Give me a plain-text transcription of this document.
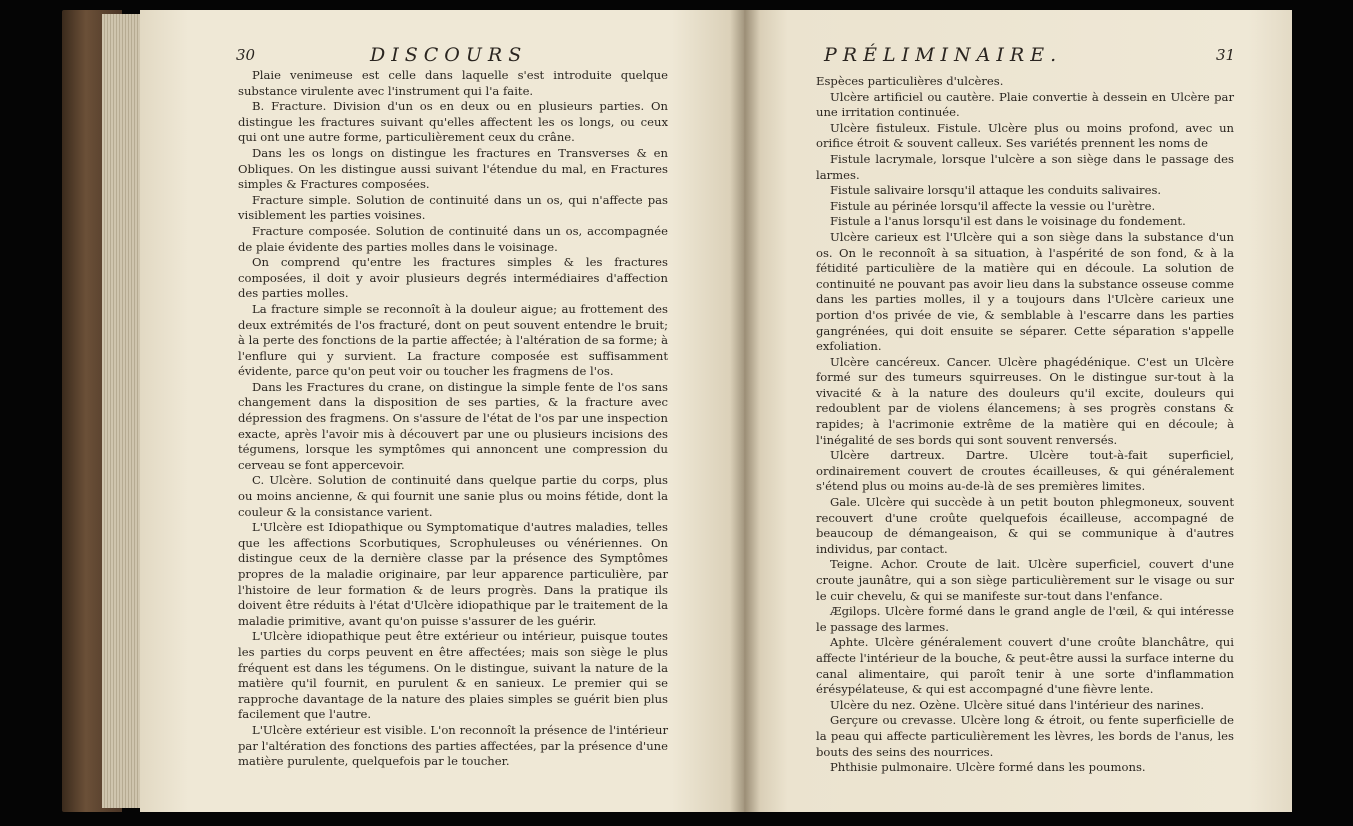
30	DISCOURS

Plaie venimeuse est celle dans laquelle s'est introduite quelque substance virulente avec l'instrument qui l'a faite.

B. Fracture. Division d'un os en deux ou en plusieurs parties. On distingue les fractures suivant qu'elles affectent les os longs, ou ceux qui ont une autre forme, particulièrement ceux du crâne.

Dans les os longs on distingue les fractures en Transverses & en Obliques. On les distingue aussi suivant l'étendue du mal, en Fractures simples & Fractures composées.

Fracture simple. Solution de continuité dans un os, qui n'affecte pas visiblement les parties voisines.

Fracture composée. Solution de continuité dans un os, accompagnée de plaie évidente des parties molles dans le voisinage.

On comprend qu'entre les fractures simples & les fractures composées, il doit y avoir plusieurs degrés intermédiaires d'affection des parties molles.

La fracture simple se reconnoît à la douleur aigue; au frottement des deux extrémités de l'os fracturé, dont on peut souvent entendre le bruit; à la perte des fonctions de la partie affectée; à l'altération de sa forme; à l'enflure qui y survient. La fracture composée est suffisamment évidente, parce qu'on peut voir ou toucher les fragmens de l'os.

Dans les Fractures du crane, on distingue la simple fente de l'os sans changement dans la disposition de ses parties, & la fracture avec dépression des fragmens. On s'assure de l'état de l'os par une inspection exacte, après l'avoir mis à découvert par une ou plusieurs incisions des tégumens, lorsque les symptômes qui annoncent une compression du cerveau se font appercevoir.

C. Ulcère. Solution de continuité dans quelque partie du corps, plus ou moins ancienne, & qui fournit une sanie plus ou moins fétide, dont la couleur & la consistance varient.

L'Ulcère est Idiopathique ou Symptomatique d'autres maladies, telles que les affections Scorbutiques, Scrophuleuses ou vénériennes. On distingue ceux de la dernière classe par la présence des Symptômes propres de la maladie originaire, par leur apparence particulière, par l'histoire de leur formation & de leurs progrès. Dans la pratique ils doivent être réduits à l'état d'Ulcère idiopathique par le traitement de la maladie primitive, avant qu'on puisse s'assurer de les guérir.

L'Ulcère idiopathique peut être extérieur ou intérieur, puisque toutes les parties du corps peuvent en être affectées; mais son siège le plus fréquent est dans les tégumens. On le distingue, suivant la nature de la matière qu'il fournit, en purulent & en sanieux. Le premier qui se rapproche davantage de la nature des plaies simples se guérit bien plus facilement que l'autre.

L'Ulcère extérieur est visible. L'on reconnoît la présence de l'intérieur par l'altération des fonctions des parties affectées, par la présence d'une matière purulente, quelquefois par le toucher.

PRÉLIMINAIRE.	31

Espèces particulières d'ulcères.

Ulcère artificiel ou cautère. Plaie convertie à dessein en Ulcère par une irritation continuée.

Ulcère fistuleux. Fistule. Ulcère plus ou moins profond, avec un orifice étroit & souvent calleux. Ses variétés prennent les noms de

Fistule lacrymale, lorsque l'ulcère a son siège dans le passage des larmes.

Fistule salivaire lorsqu'il attaque les conduits salivaires.

Fistule au périnée lorsqu'il affecte la vessie ou l'urètre.

Fistule a l'anus lorsqu'il est dans le voisinage du fondement.

Ulcère carieux est l'Ulcère qui a son siège dans la substance d'un os. On le reconnoît à sa situation, à l'aspérité de son fond, & à la fétidité particulière de la matière qui en découle. La solution de continuité ne pouvant pas avoir lieu dans la substance osseuse comme dans les parties molles, il y a toujours dans l'Ulcère carieux une portion d'os privée de vie, & semblable à l'escarre dans les parties gangrénées, qui doit ensuite se séparer. Cette séparation s'appelle exfoliation.

Ulcère cancéreux. Cancer. Ulcère phagédénique. C'est un Ulcère formé sur des tumeurs squirreuses. On le distingue sur-tout à la vivacité & à la nature des douleurs qu'il excite, douleurs qui redoublent par de violens élancemens; à ses progrès constans & rapides; à l'acrimonie extrême de la matière qui en découle; à l'inégalité de ses bords qui sont souvent renversés.

Ulcère dartreux. Dartre. Ulcère tout-à-fait superficiel, ordinairement couvert de croutes écailleuses, & qui généralement s'étend plus ou moins au-de-là de ses premières limites.

Gale. Ulcère qui succède à un petit bouton phlegmoneux, souvent recouvert d'une croûte quelquefois écailleuse, accompagné de beaucoup de démangeaison, & qui se communique à d'autres individus, par contact.

Teigne. Achor. Croute de lait. Ulcère superficiel, couvert d'une croute jaunâtre, qui a son siège particulièrement sur le visage ou sur le cuir chevelu, & qui se manifeste sur-tout dans l'enfance.

Ægilops. Ulcère formé dans le grand angle de l'œil, & qui intéresse le passage des larmes.

Aphte. Ulcère généralement couvert d'une croûte blanchâtre, qui affecte l'intérieur de la bouche, & peut-être aussi la surface interne du canal alimentaire, qui paroît tenir à une sorte d'inflammation érésypélateuse, & qui est accompagné d'une fièvre lente.

Ulcère du nez. Ozène. Ulcère situé dans l'intérieur des narines.

Gerçure ou crevasse. Ulcère long & étroit, ou fente superficielle de la peau qui affecte particulièrement les lèvres, les bords de l'anus, les bouts des seins des nourrices.

Phthisie pulmonaire. Ulcère formé dans les poumons.
